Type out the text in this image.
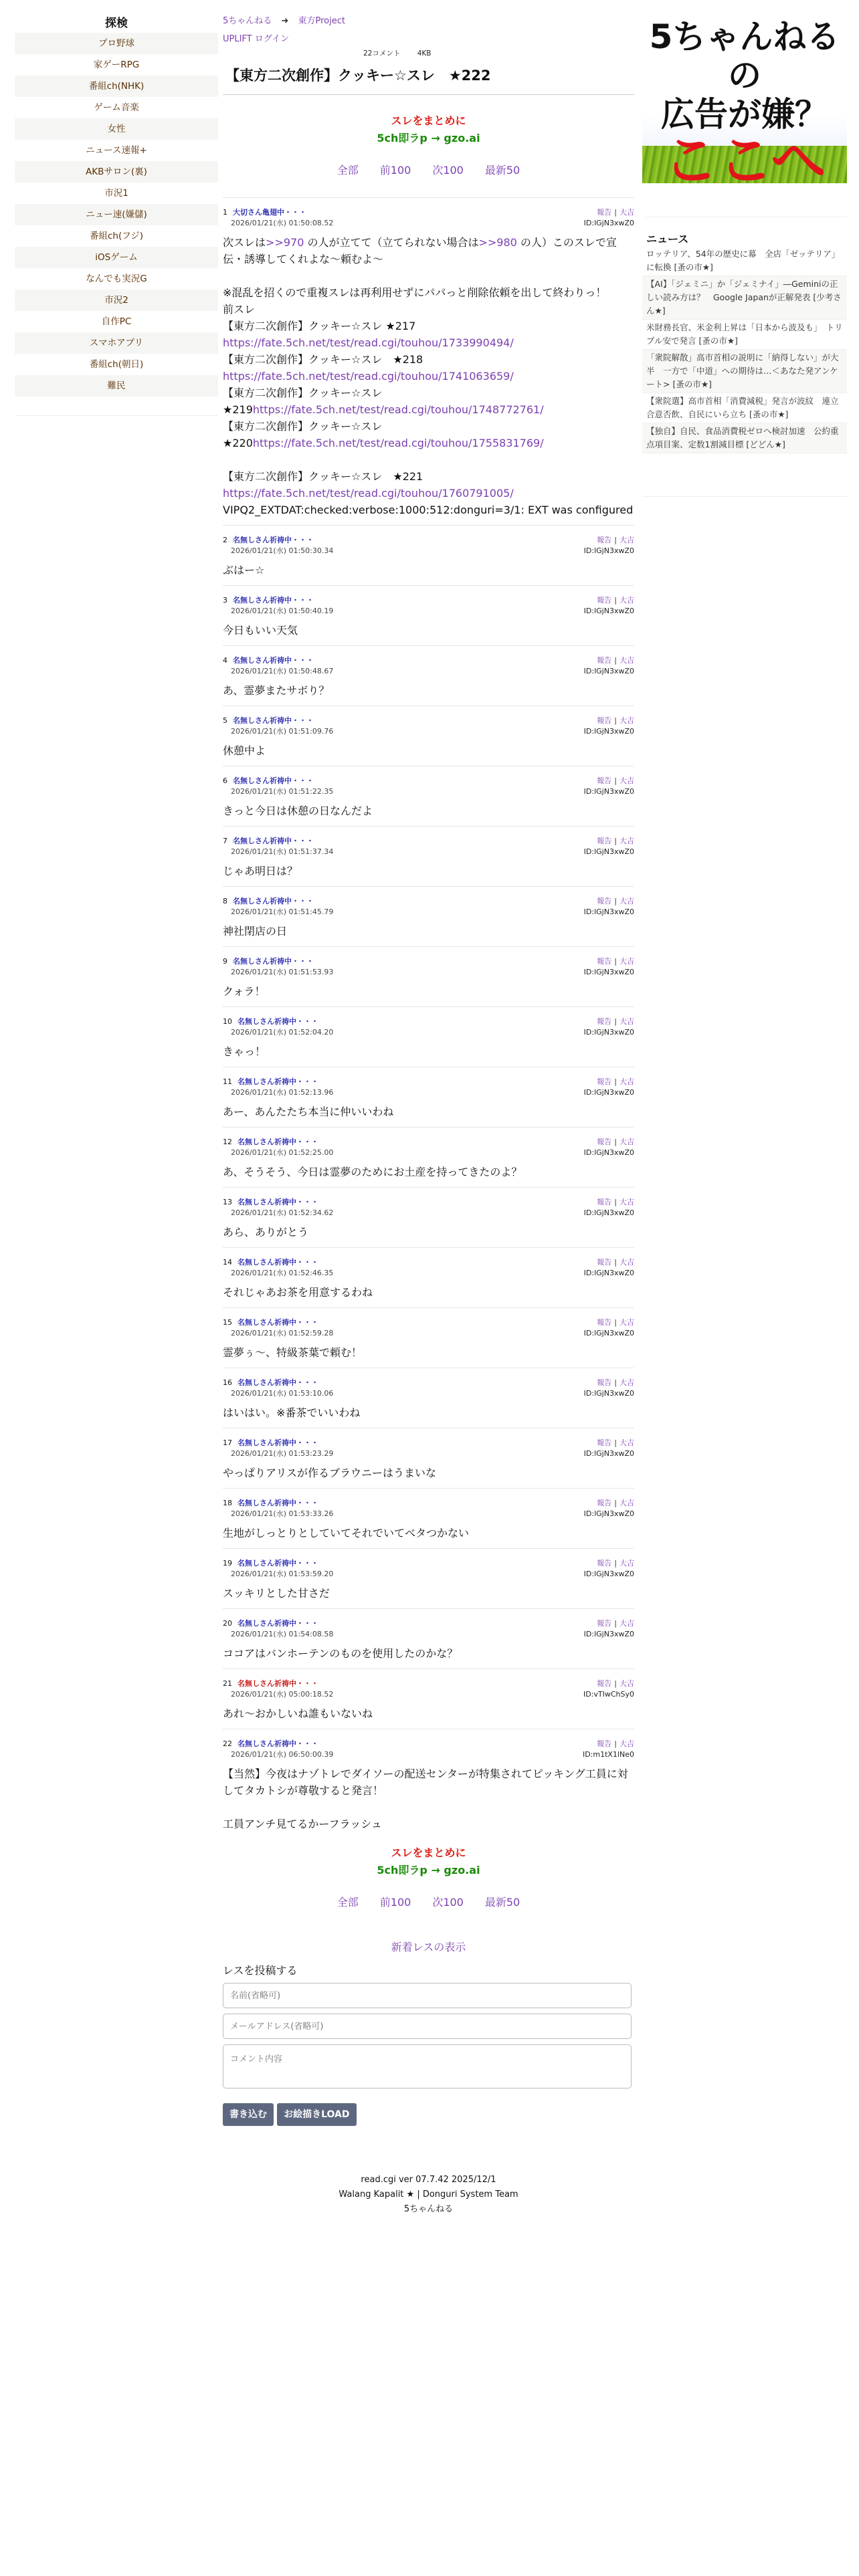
探検
プロ野球
家ゲーRPG
番組ch(NHK)
ゲーム音楽
女性
ニュース速報+
AKBサロン(裏)
市況1
ニュー速(嫌儲)
番組ch(フジ)
iOSゲーム
なんでも実況G
市況2
自作PC
スマホアプリ
番組ch(朝日)
難民
5ちゃんねる ➜ 東方Project
UPLIFT ログイン
22コメント 4KB
【東方二次創作】クッキー☆スレ　★222
スレをまとめに
5ch即ラp → gzo.ai
全部 前100 次100 最新50
1 大切さん亀翅中・・・
2026/01/21(水) 01:50:08.52
報告 | 大吉
ID:lGjN3xwZ0
次スレは>>970 の人が立てて（立てられない場合は>>980 の人）このスレで宣伝・誘導してくれよな～頼むよ～

※混乱を招くので重複スレは再利用せずにパパっと削除依頼を出して終わりっ！
前スレ
【東方二次創作】クッキー☆スレ ★217
https://fate.5ch.net/test/read.cgi/touhou/1733990494/
【東方二次創作】クッキー☆スレ　★218
https://fate.5ch.net/test/read.cgi/touhou/1741063659/
【東方二次創作】クッキー☆スレ
★219https://fate.5ch.net/test/read.cgi/touhou/1748772761/
【東方二次創作】クッキー☆スレ
★220https://fate.5ch.net/test/read.cgi/touhou/1755831769/

【東方二次創作】クッキー☆スレ　★221
https://fate.5ch.net/test/read.cgi/touhou/1760791005/
VIPQ2_EXTDAT:checked:verbose:1000:512:donguri=3/1: EXT was configured
2 名無しさん祈祷中・・・
2026/01/21(水) 01:50:30.34
報告 | 大吉
ID:lGjN3xwZ0
ぶはー☆
3 名無しさん祈祷中・・・
2026/01/21(水) 01:50:40.19
報告 | 大吉
ID:lGjN3xwZ0
今日もいい天気
4 名無しさん祈祷中・・・
2026/01/21(水) 01:50:48.67
報告 | 大吉
ID:lGjN3xwZ0
あ、霊夢またサボり？
5 名無しさん祈祷中・・・
2026/01/21(水) 01:51:09.76
報告 | 大吉
ID:lGjN3xwZ0
休憩中よ
6 名無しさん祈祷中・・・
2026/01/21(水) 01:51:22.35
報告 | 大吉
ID:lGjN3xwZ0
きっと今日は休憩の日なんだよ
7 名無しさん祈祷中・・・
2026/01/21(水) 01:51:37.34
報告 | 大吉
ID:lGjN3xwZ0
じゃあ明日は？
8 名無しさん祈祷中・・・
2026/01/21(水) 01:51:45.79
報告 | 大吉
ID:lGjN3xwZ0
神社閉店の日
9 名無しさん祈祷中・・・
2026/01/21(水) 01:51:53.93
報告 | 大吉
ID:lGjN3xwZ0
クォラ！
10 名無しさん祈祷中・・・
2026/01/21(水) 01:52:04.20
報告 | 大吉
ID:lGjN3xwZ0
きゃっ！
11 名無しさん祈祷中・・・
2026/01/21(水) 01:52:13.96
報告 | 大吉
ID:lGjN3xwZ0
あー、あんたたち本当に仲いいわね
12 名無しさん祈祷中・・・
2026/01/21(水) 01:52:25.00
報告 | 大吉
ID:lGjN3xwZ0
あ、そうそう、今日は霊夢のためにお土産を持ってきたのよ？
13 名無しさん祈祷中・・・
2026/01/21(水) 01:52:34.62
報告 | 大吉
ID:lGjN3xwZ0
あら、ありがとう
14 名無しさん祈祷中・・・
2026/01/21(水) 01:52:46.35
報告 | 大吉
ID:lGjN3xwZ0
それじゃあお茶を用意するわね
15 名無しさん祈祷中・・・
2026/01/21(水) 01:52:59.28
報告 | 大吉
ID:lGjN3xwZ0
霊夢ぅ～、特級茶葉で頼む！
16 名無しさん祈祷中・・・
2026/01/21(水) 01:53:10.06
報告 | 大吉
ID:lGjN3xwZ0
はいはい。※番茶でいいわね
17 名無しさん祈祷中・・・
2026/01/21(水) 01:53:23.29
報告 | 大吉
ID:lGjN3xwZ0
やっぱりアリスが作るブラウニーはうまいな
18 名無しさん祈祷中・・・
2026/01/21(水) 01:53:33.26
報告 | 大吉
ID:lGjN3xwZ0
生地がしっとりとしていてそれでいてベタつかない
19 名無しさん祈祷中・・・
2026/01/21(水) 01:53:59.20
報告 | 大吉
ID:lGjN3xwZ0
スッキリとした甘さだ
20 名無しさん祈祷中・・・
2026/01/21(水) 01:54:08.58
報告 | 大吉
ID:lGjN3xwZ0
ココアはバンホーテンのものを使用したのかな？
21 名無しさん祈祷中・・・
2026/01/21(水) 05:00:18.52
報告 | 大吉
ID:vTIwChSy0
あれ～おかしいね誰もいないね
22 名無しさん祈祷中・・・
2026/01/21(水) 06:50:00.39
報告 | 大吉
ID:m1tX1lNe0
【当然】今夜はナゾトレでダイソーの配送センターが特集されてピッキング工員に対してタカトシが尊敬すると発言！

工員アンチ見てるかーフラッシュ
スレをまとめに
5ch即ラp → gzo.ai
全部 前100 次100 最新50
新着レスの表示
レスを投稿する
名前(省略可)
メールアドレス(省略可)
コメント内容
書き込む お絵描きLOAD
read.cgi ver 07.7.42 2025/12/1
Walang Kapalit ★ | Donguri System Team
5ちゃんねる
5ちゃんねるの
広告が嫌？
ここへ
ニュース
ロッテリア、54年の歴史に幕　全店「ゼッテリア」に転換 [蚤の市★]
【AI】「ジェミニ」か「ジェミナイ」―Geminiの正しい読み方は？　Google Japanが正解発表 [少考さん★]
米財務長官、米金利上昇は「日本から波及も」　トリプル安で発言 [蚤の市★]
「衆院解散」高市首相の説明に「納得しない」が大半　一方で「中道」への期待は…＜あなた発アンケート> [蚤の市★]
【衆院選】高市首相「消費減税」発言が波紋　連立合意否飲、自民にいら立ち [蚤の市★]
【独自】自民、食品消費税ゼロへ検討加速　公約重点項目案、定数1割減目標 [どどん★]
